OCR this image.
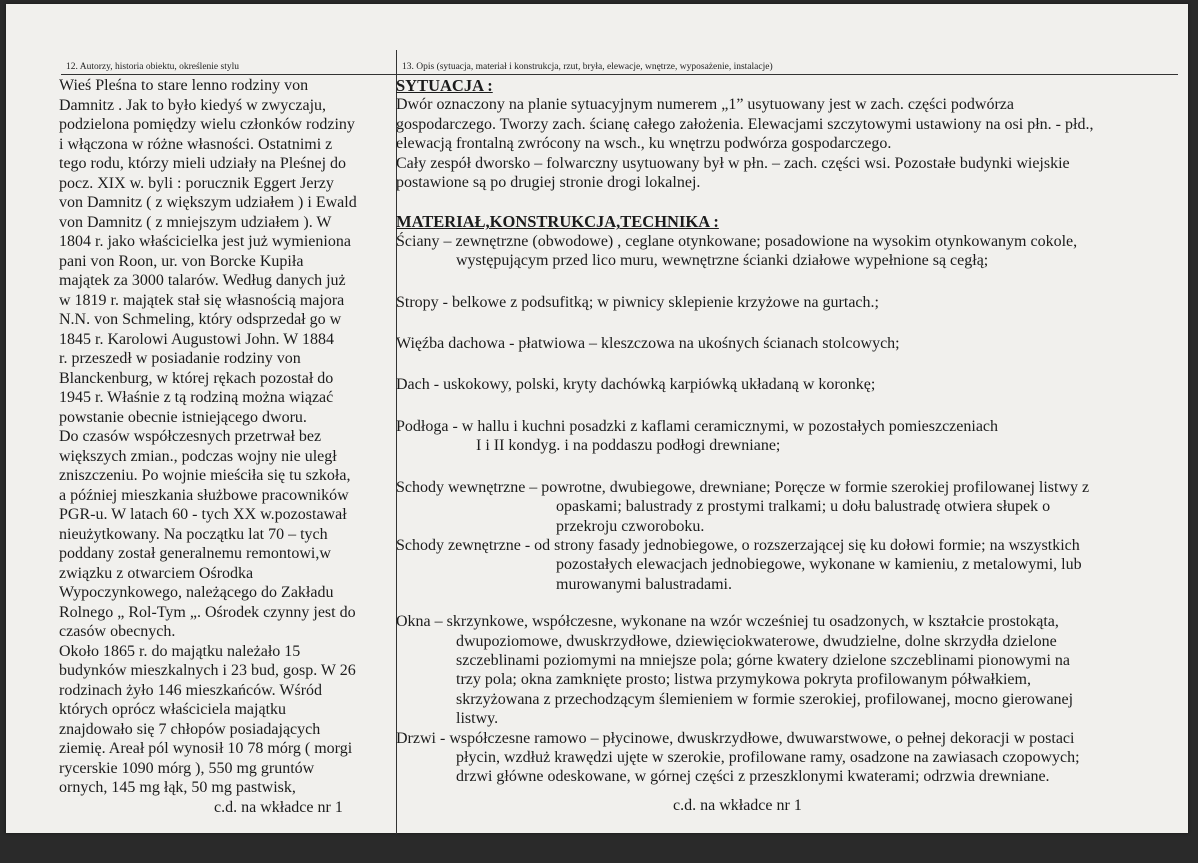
12. Autorzy, historia obiektu, określenie stylu	13. Opis (sytuacja, materiał i konstrukcja, rzut, bryła, elewacje, wnętrze, wyposażenie, instalacje)
Wieś Pleśna to stare lenno rodziny von
Damnitz . Jak to było kiedyś w zwyczaju,
podzielona pomiędzy wielu członków rodziny
i włączona w różne własności. Ostatnimi z
tego rodu, którzy mieli udziały na Pleśnej do
pocz. XIX w. byli : porucznik Eggert Jerzy
von Damnitz ( z większym udziałem ) i Ewald
von Damnitz ( z mniejszym udziałem ). W
1804 r. jako właścicielka jest już wymieniona
pani von Roon, ur. von Borcke Kupiła
majątek za 3000 talarów. Według danych już
w 1819 r. majątek stał się własnością majora
N.N. von Schmeling, który odsprzedał go w
1845 r. Karolowi Augustowi John. W 1884
r. przeszedł w posiadanie rodziny von
Blanckenburg, w której rękach pozostał do
1945 r. Właśnie z tą rodziną można wiązać
powstanie obecnie istniejącego dworu.
Do czasów współczesnych przetrwał bez
większych zmian., podczas wojny nie uległ
zniszczeniu. Po wojnie mieściła się tu szkoła,
a później mieszkania służbowe pracowników
PGR-u. W latach 60 - tych XX w.pozostawał
nieużytkowany. Na początku lat 70 – tych
poddany został generalnemu remontowi,w
związku z otwarciem Ośrodka
Wypoczynkowego, należącego do Zakładu
Rolnego „ Rol-Tym „. Ośrodek czynny jest do
czasów obecnych.
Około 1865 r. do majątku należało 15
budynków mieszkalnych i 23 bud, gosp. W 26
rodzinach żyło 146 mieszkańców. Wśród
których oprócz właściciela majątku
znajdowało się 7 chłopów posiadających
ziemię. Areał pól wynosił 10 78 mórg ( morgi
rycerskie 1090 mórg ), 550 mg gruntów
ornych, 145 mg łąk, 50 mg pastwisk,
c.d. na wkładce nr 1
SYTUACJA :
Dwór oznaczony na planie sytuacyjnym numerem „1” usytuowany jest w zach. części podwórza
gospodarczego. Tworzy zach. ścianę całego założenia. Elewacjami szczytowymi ustawiony na osi płn. - płd.,
elewacją frontalną zwrócony na wsch., ku wnętrzu podwórza gospodarczego.
Cały zespół dworsko – folwarczny usytuowany był w płn. – zach. części wsi. Pozostałe budynki wiejskie
postawione są po drugiej stronie drogi lokalnej.
MATERIAŁ,KONSTRUKCJA,TECHNIKA :
Ściany – zewnętrzne (obwodowe) , ceglane otynkowane; posadowione na wysokim otynkowanym cokole,
występującym przed lico muru, wewnętrzne ścianki działowe wypełnione są cegłą;
Stropy - belkowe z podsufitką; w piwnicy sklepienie krzyżowe na gurtach.;
Więźba dachowa - płatwiowa – kleszczowa na ukośnych ścianach stolcowych;
Dach - uskokowy, polski, kryty dachówką karpiówką układaną w koronkę;
Podłoga - w hallu i kuchni posadzki z kaflami ceramicznymi, w pozostałych pomieszczeniach
I i II kondyg. i na poddaszu podłogi drewniane;
Schody wewnętrzne – powrotne, dwubiegowe, drewniane; Poręcze w formie szerokiej profilowanej listwy z
opaskami; balustrady z prostymi tralkami; u dołu balustradę otwiera słupek o
przekroju czworoboku.
Schody zewnętrzne - od strony fasady jednobiegowe, o rozszerzającej się ku dołowi formie; na wszystkich
pozostałych elewacjach jednobiegowe, wykonane w kamieniu, z metalowymi, lub
murowanymi balustradami.
Okna – skrzynkowe, współczesne, wykonane na wzór wcześniej tu osadzonych, w kształcie prostokąta,
dwupoziomowe, dwuskrzydłowe, dziewięciokwaterowe, dwudzielne, dolne skrzydła dzielone
szczeblinami poziomymi na mniejsze pola; górne kwatery dzielone szczeblinami pionowymi na
trzy pola; okna zamknięte prosto; listwa przymykowa pokryta profilowanym półwałkiem,
skrzyżowana z przechodzącym ślemieniem w formie szerokiej, profilowanej, mocno gierowanej
listwy.
Drzwi - współczesne ramowo – płycinowe, dwuskrzydłowe, dwuwarstwowe, o pełnej dekoracji w postaci
płycin, wzdłuż krawędzi ujęte w szerokie, profilowane ramy, osadzone na zawiasach czopowych;
drzwi główne odeskowane, w górnej części z przeszklonymi kwaterami; odrzwia drewniane.
c.d. na wkładce nr 1
